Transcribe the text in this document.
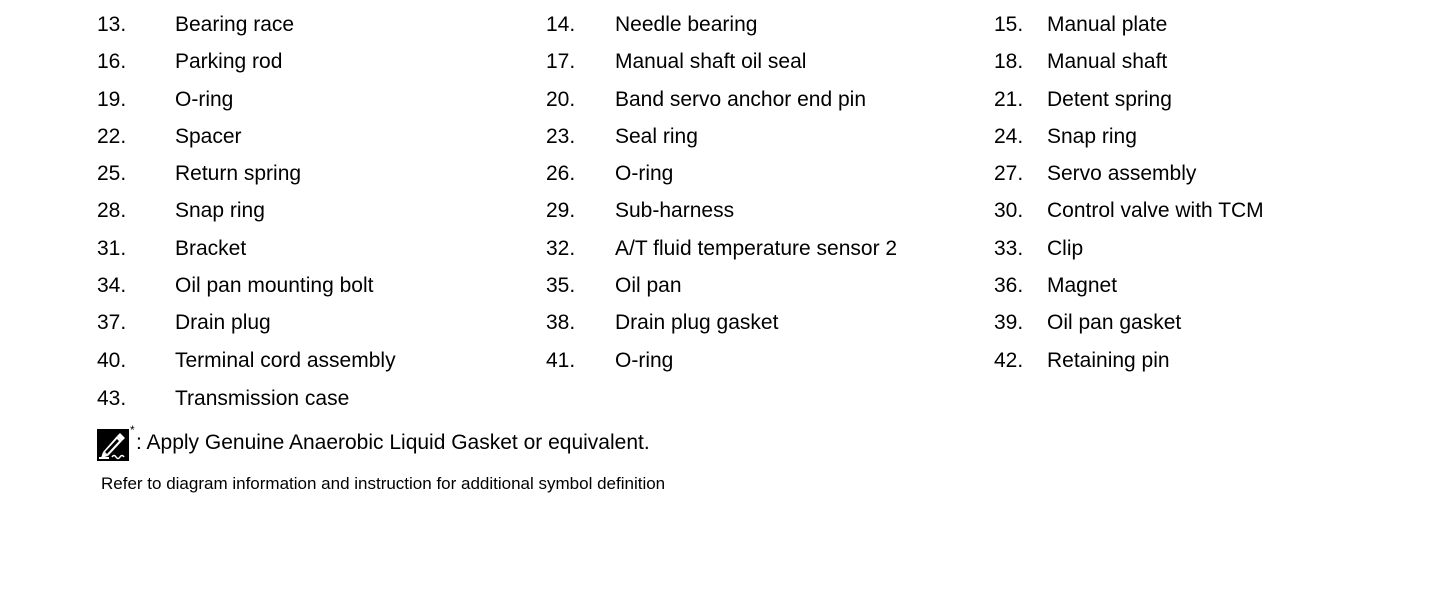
13. Bearing race	14. Needle bearing	15. Manual plate
16. Parking rod	17. Manual shaft oil seal	18. Manual shaft
19. O-ring	20. Band servo anchor end pin	21. Detent spring
22. Spacer	23. Seal ring	24. Snap ring
25. Return spring	26. O-ring	27. Servo assembly
28. Snap ring	29. Sub-harness	30. Control valve with TCM
31. Bracket	32. A/T fluid temperature sensor 2	33. Clip
34. Oil pan mounting bolt	35. Oil pan	36. Magnet
37. Drain plug	38. Drain plug gasket	39. Oil pan gasket
40. Terminal cord assembly	41. O-ring	42. Retaining pin
43. Transmission case
*
: Apply Genuine Anaerobic Liquid Gasket or equivalent.
Refer to diagram information and instruction for additional symbol definition
